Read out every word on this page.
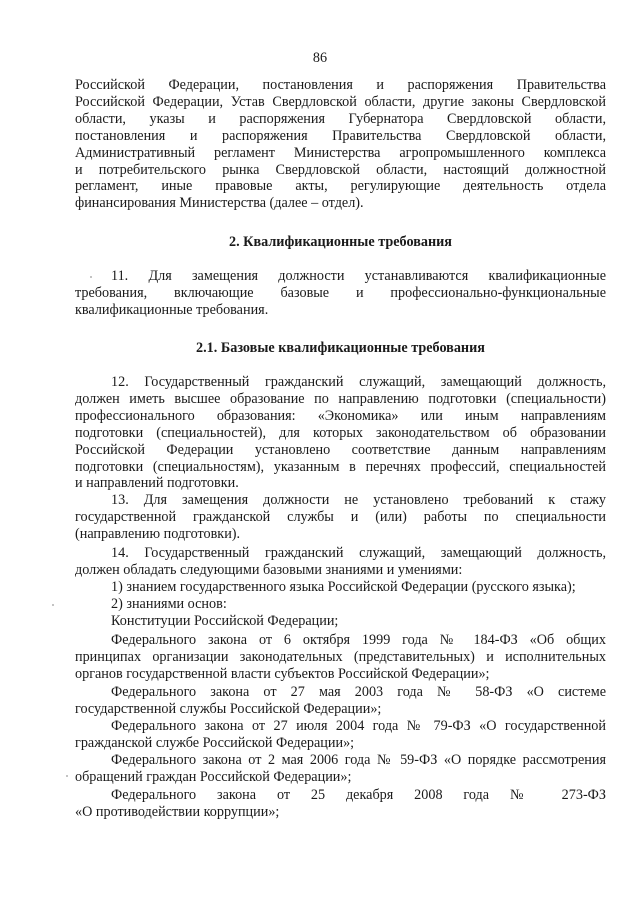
86
Российской Федерации, постановления и распоряжения Правительства
Российской Федерации, Устав Свердловской области, другие законы Свердловской
области, указы и распоряжения Губернатора Свердловской области,
постановления и распоряжения Правительства Свердловской области,
Административный регламент Министерства агропромышленного комплекса
и потребительского рынка Свердловской области, настоящий должностной
регламент, иные правовые акты, регулирующие деятельность отдела
финансирования Министерства (далее – отдел).
2. Квалификационные требования
11. Для замещения должности устанавливаются квалификационные
требования, включающие базовые и профессионально-функциональные
квалификационные требования.
2.1. Базовые квалификационные требования
12. Государственный гражданский служащий, замещающий должность,
должен иметь высшее образование по направлению подготовки (специальности)
профессионального образования: «Экономика» или иным направлениям
подготовки (специальностей), для которых законодательством об образовании
Российской Федерации установлено соответствие данным направлениям
подготовки (специальностям), указанным в перечнях профессий, специальностей
и направлений подготовки.
13. Для замещения должности не установлено требований к стажу
государственной гражданской службы и (или) работы по специальности
(направлению подготовки).
14. Государственный гражданский служащий, замещающий должность,
должен обладать следующими базовыми знаниями и умениями:
1) знанием государственного языка Российской Федерации (русского языка);
2) знаниями основ:
Конституции Российской Федерации;
Федерального закона от 6 октября 1999 года № 184-ФЗ «Об общих
принципах организации законодательных (представительных) и исполнительных
органов государственной власти субъектов Российской Федерации»;
Федерального закона от 27 мая 2003 года № 58-ФЗ «О системе
государственной службы Российской Федерации»;
Федерального закона от 27 июля 2004 года № 79-ФЗ «О государственной
гражданской службе Российской Федерации»;
Федерального закона от 2 мая 2006 года № 59-ФЗ «О порядке рассмотрения
обращений граждан Российской Федерации»;
Федерального закона от 25 декабря 2008 года № 273-ФЗ
«О противодействии коррупции»;
